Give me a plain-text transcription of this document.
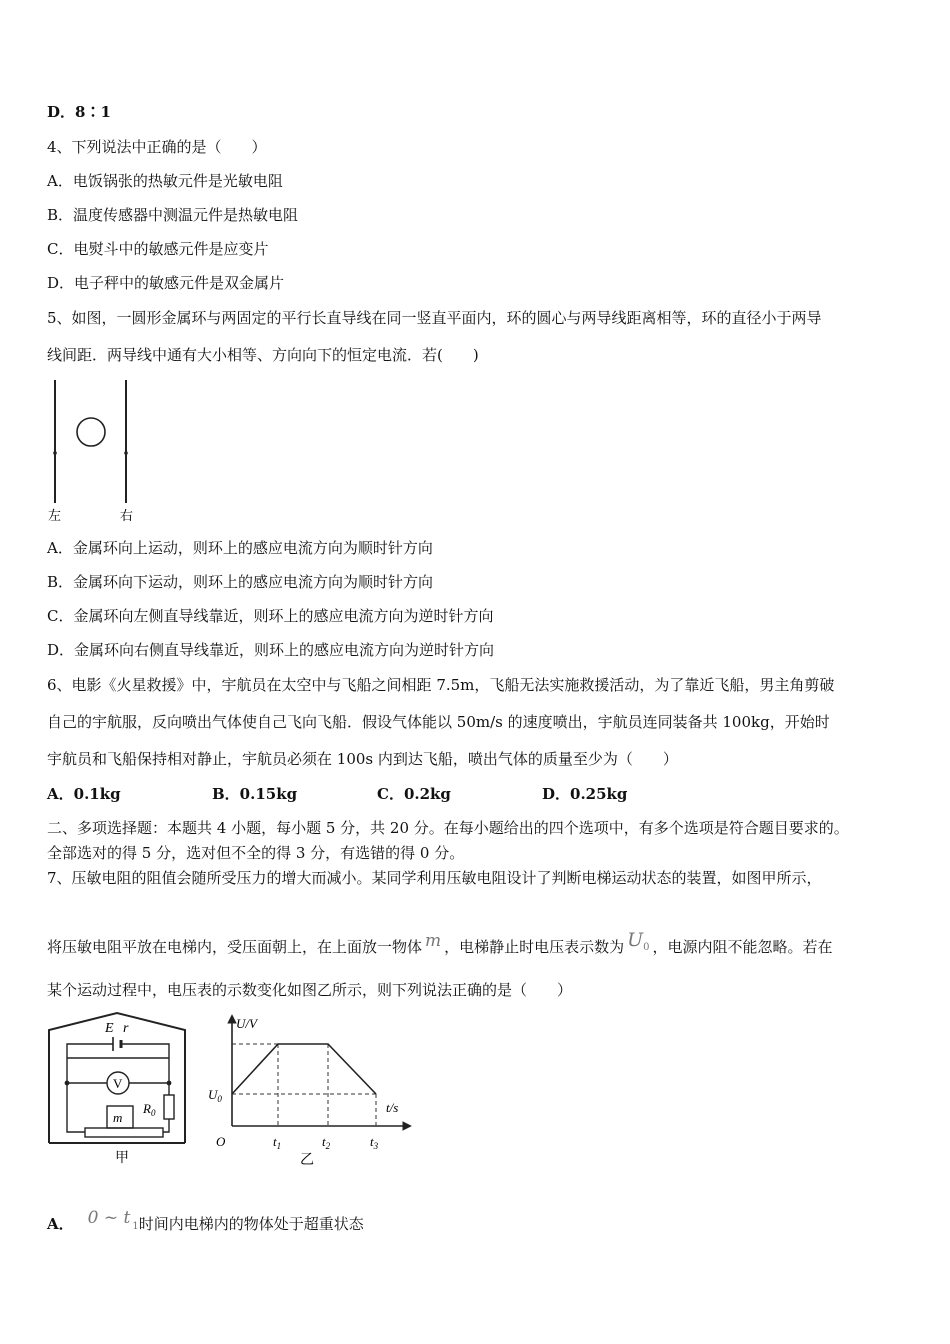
D．8∶1
4、下列说法中正确的是（　　）
A．电饭锅张的热敏元件是光敏电阻
B．温度传感器中测温元件是热敏电阻
C．电熨斗中的敏感元件是应变片
D．电子秤中的敏感元件是双金属片
5、如图，一圆形金属环与两固定的平行长直导线在同一竖直平面内，环的圆心与两导线距离相等，环的直径小于两导
线间距．两导线中通有大小相等、方向向下的恒定电流．若(　　)
左	右
A．金属环向上运动，则环上的感应电流方向为顺时针方向
B．金属环向下运动，则环上的感应电流方向为顺时针方向
C．金属环向左侧直导线靠近，则环上的感应电流方向为逆时针方向
D．金属环向右侧直导线靠近，则环上的感应电流方向为逆时针方向
6、电影《火星救援》中，宇航员在太空中与飞船之间相距 7.5m，飞船无法实施救援活动，为了靠近飞船，男主角剪破
自己的宇航服，反向喷出气体使自己飞向飞船．假设气体能以 50m/s 的速度喷出，宇航员连同装备共 100kg，开始时
宇航员和飞船保持相对静止，宇航员必须在 100s 内到达飞船，喷出气体的质量至少为（　　）
A．0.1kg	B．0.15kg	C．0.2kg	D．0.25kg
二、多项选择题：本题共 4 小题，每小题 5 分，共 20 分。在每小题给出的四个选项中，有多个选项是符合题目要求的。
全部选对的得 5 分，选对但不全的得 3 分，有选错的得 0 分。
7、压敏电阻的阻值会随所受压力的增大而减小。某同学利用压敏电阻设计了判断电梯运动状态的装置，如图甲所示，
将压敏电阻平放在电梯内，受压面朝上，在上面放一物体 m ，电梯静止时电压表示数为 $U^0$ ，电源内阻不能忽略。若在
某个运动过程中，电压表的示数变化如图乙所示，则下列说法正确的是（　　）
E r
V
m
$R_0$
甲
U/V
t/s
$U_0$
O	$t_1$	$t_2$	$t_3$
乙
A． 0 ~ t 1时间内电梯内的物体处于超重状态
